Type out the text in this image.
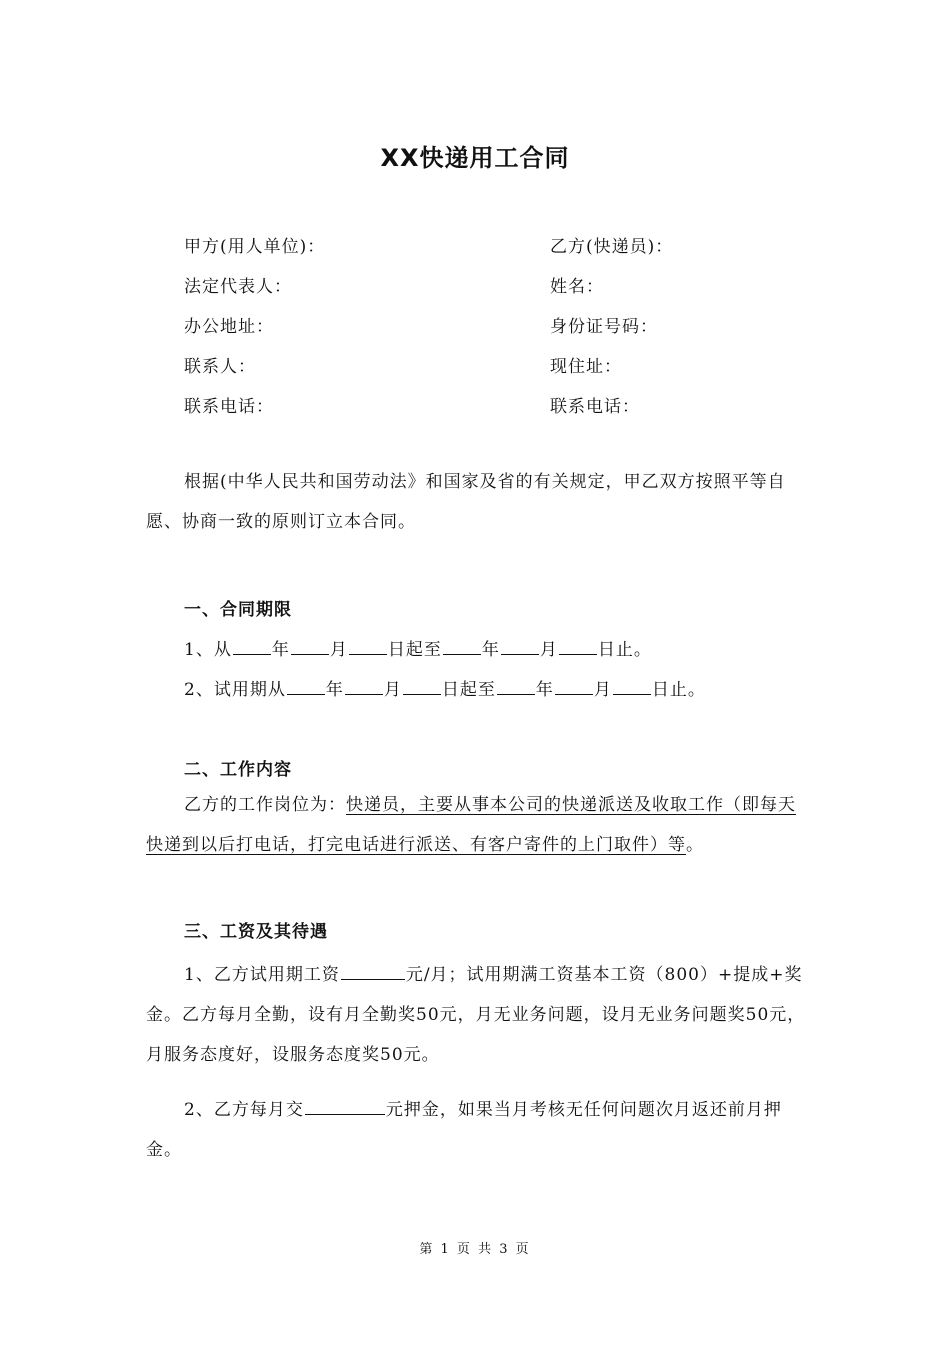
XX快递用工合同
甲方(用人单位)：
法定代表人：
办公地址：
联系人：
联系电话：
乙方(快递员)：
姓名：
身份证号码：
现住址：
联系电话：
根据(中华人民共和国劳动法》和国家及省的有关规定，甲乙双方按照平等自愿、协商一致的原则订立本合同。
一、合同期限
1、从 年 月 日起至 年 月 日止。
2、试用期从 年 月 日起至 年 月 日止。
二、工作内容
乙方的工作岗位为：快递员，主要从事本公司的快递派送及收取工作（即每天快递到以后打电话，打完电话进行派送、有客户寄件的上门取件）等。
三、工资及其待遇
1、乙方试用期工资	元/月；试用期满工资基本工资（800）+提成+奖金。乙方每月全勤，设有月全勤奖50元，月无业务问题，设月无业务问题奖50元，月服务态度好，设服务态度奖50元。
2、乙方每月交	元押金，如果当月考核无任何问题次月返还前月押金。
第 1 页 共 3 页
